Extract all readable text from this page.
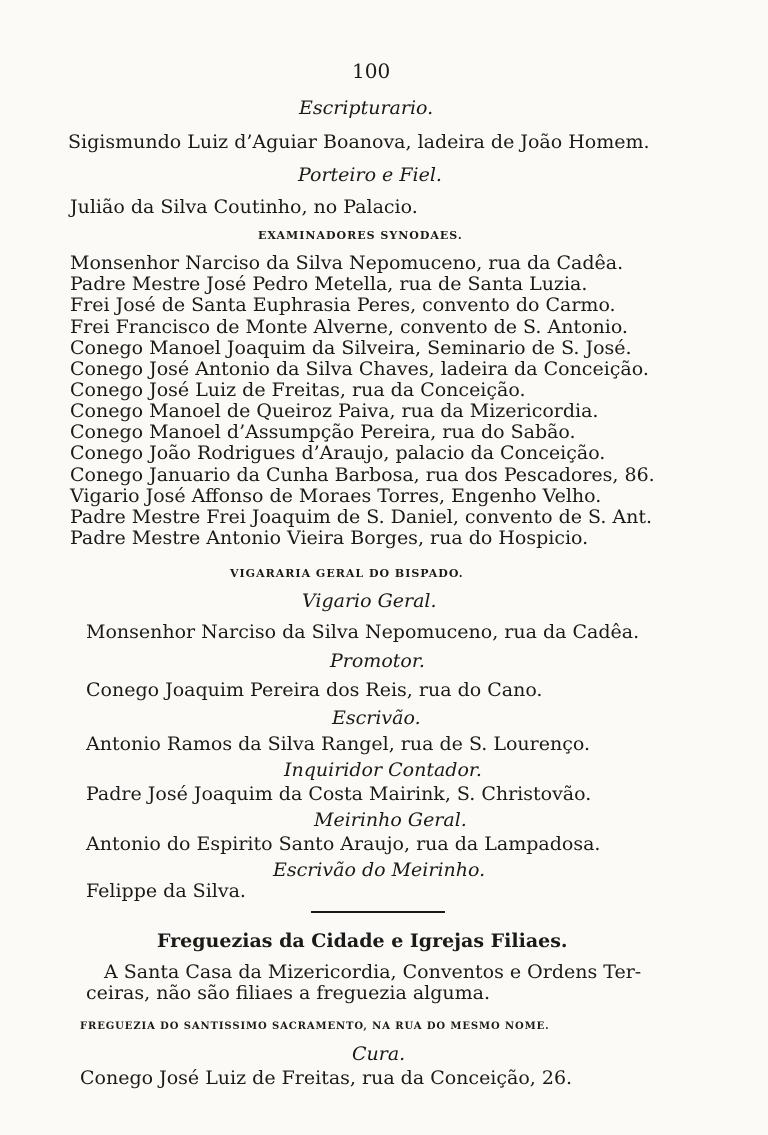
100
Escripturario.
Sigismundo Luiz d’Aguiar Boanova, ladeira de João Homem.
Porteiro e Fiel.
Julião da Silva Coutinho, no Palacio.
EXAMINADORES SYNODAES.
Monsenhor Narciso da Silva Nepomuceno, rua da Cadêa.
Padre Mestre José Pedro Metella, rua de Santa Luzia.
Frei José de Santa Euphrasia Peres, convento do Carmo.
Frei Francisco de Monte Alverne, convento de S. Antonio.
Conego Manoel Joaquim da Silveira, Seminario de S. José.
Conego José Antonio da Silva Chaves, ladeira da Conceição.
Conego José Luiz de Freitas, rua da Conceição.
Conego Manoel de Queiroz Paiva, rua da Mizericordia.
Conego Manoel d’Assumpção Pereira, rua do Sabão.
Conego João Rodrigues d’Araujo, palacio da Conceição.
Conego Januario da Cunha Barbosa, rua dos Pescadores, 86.
Vigario José Affonso de Moraes Torres, Engenho Velho.
Padre Mestre Frei Joaquim de S. Daniel, convento de S. Ant.
Padre Mestre Antonio Vieira Borges, rua do Hospicio.
VIGARARIA GERAL DO BISPADO.
Vigario Geral.
Monsenhor Narciso da Silva Nepomuceno, rua da Cadêa.
Promotor.
Conego Joaquim Pereira dos Reis, rua do Cano.
Escrivão.
Antonio Ramos da Silva Rangel, rua de S. Lourenço.
Inquiridor Contador.
Padre José Joaquim da Costa Mairink, S. Christovão.
Meirinho Geral.
Antonio do Espirito Santo Araujo, rua da Lampadosa.
Escrivão do Meirinho.
Felippe da Silva.
Freguezias da Cidade e Igrejas Filiaes.
A Santa Casa da Mizericordia, Conventos e Ordens Ter-
ceiras, não são filiaes a freguezia alguma.
FREGUEZIA DO SANTISSIMO SACRAMENTO, NA RUA DO MESMO NOME.
Cura.
Conego José Luiz de Freitas, rua da Conceição, 26.
